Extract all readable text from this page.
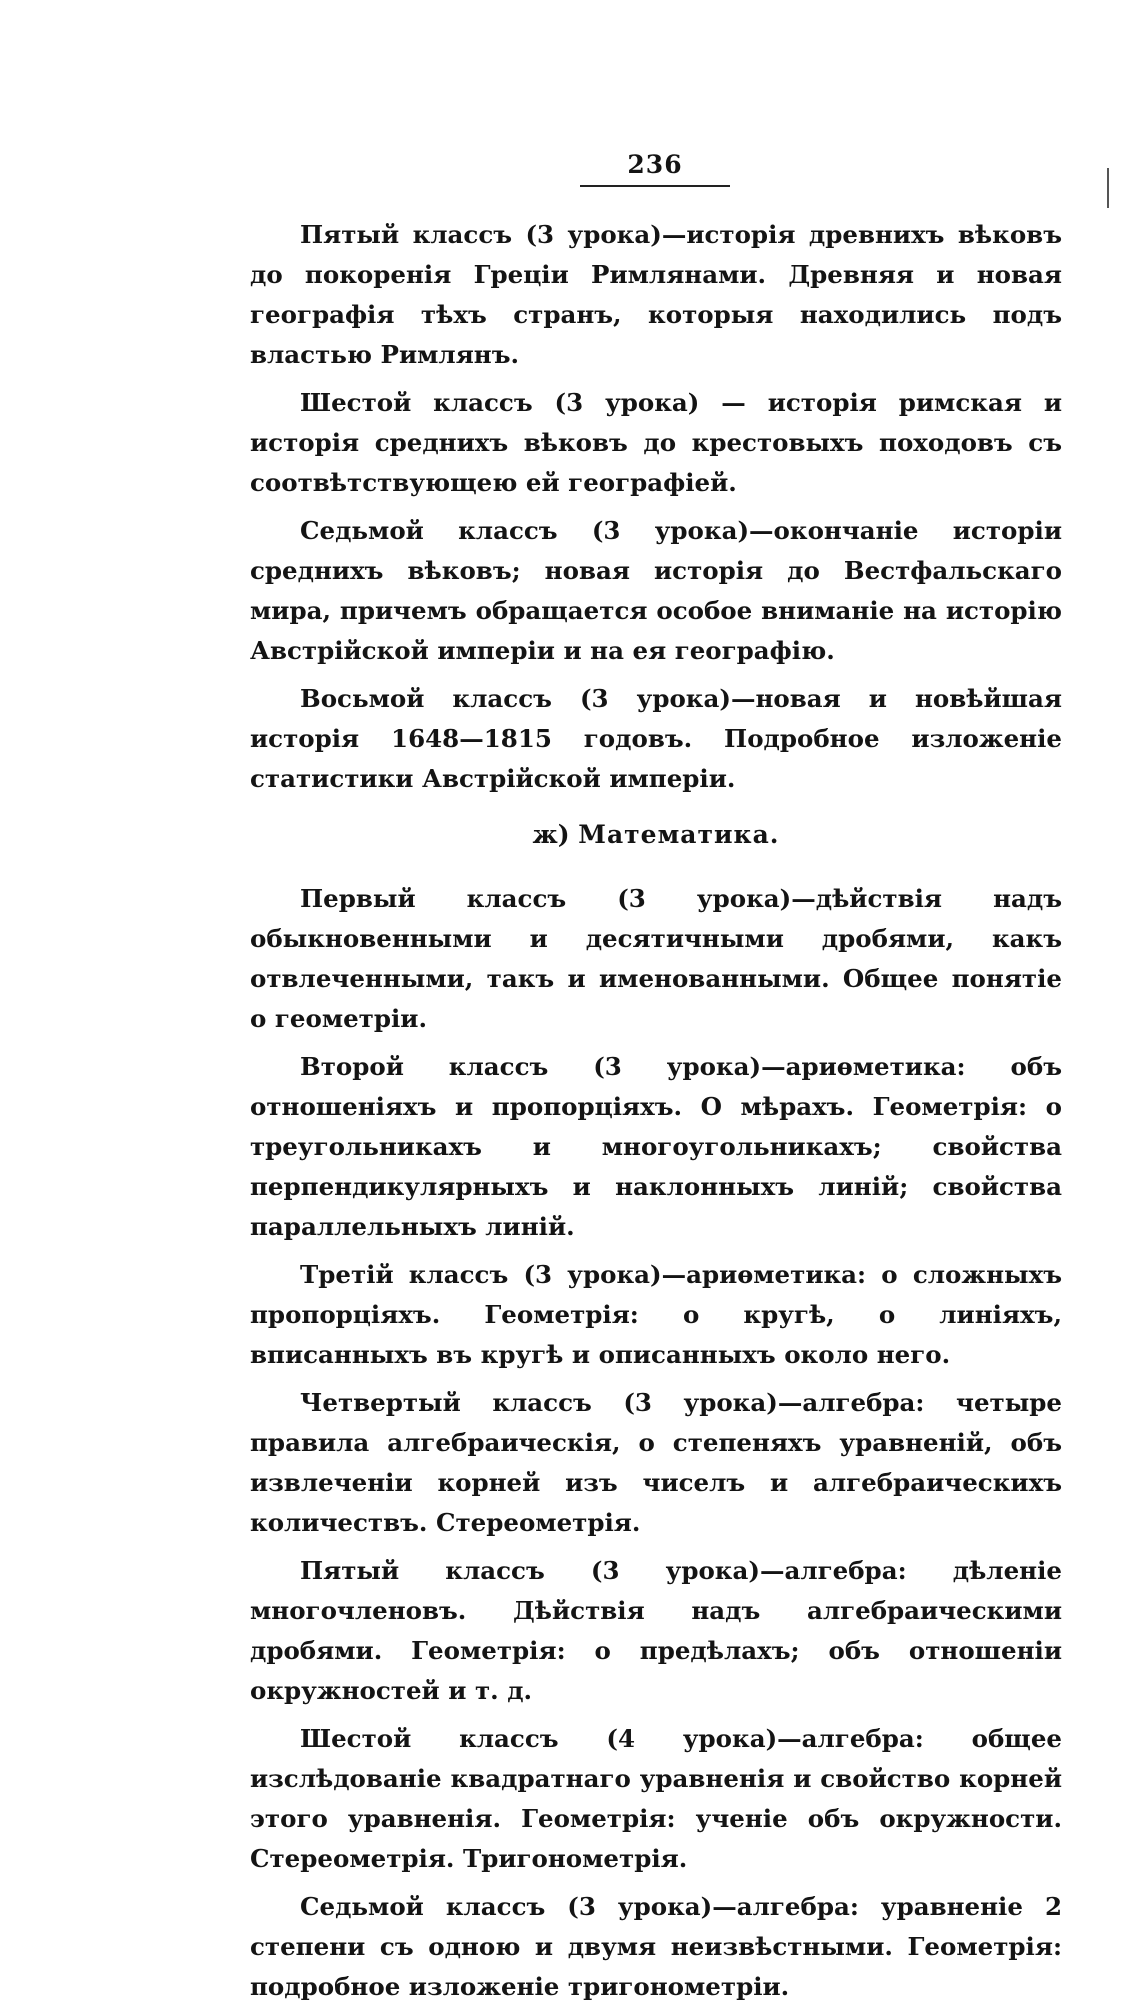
236

Пятый классъ (3 урока)—исторія древнихъ вѣковъ до покоренія Греціи Римлянами. Древняя и новая географія тѣхъ странъ, которыя находились подъ властью Римлянъ.

Шестой классъ (3 урока) — исторія римская и исторія среднихъ вѣковъ до крестовыхъ походовъ съ соотвѣтствующею ей географіей.

Седьмой классъ (3 урока)—окончаніе исторіи среднихъ вѣковъ; новая исторія до Вестфальскаго мира, причемъ обращается особое вниманіе на исторію Австрійской имперіи и на ея географію.

Восьмой классъ (3 урока)—новая и новѣйшая исторія 1648—1815 годовъ. Подробное изложеніе статистики Австрійской имперіи.

ж) Математика.

Первый классъ (3 урока)—дѣйствія надъ обыкновенными и десятичными дробями, какъ отвлеченными, такъ и именованными. Общее понятіе о геометріи.

Второй классъ (3 урока)—ариѳметика: объ отношеніяхъ и пропорціяхъ. О мѣрахъ. Геометрія: о треугольникахъ и многоугольникахъ; свойства перпендикулярныхъ и наклонныхъ линій; свойства параллельныхъ линій.

Третій классъ (3 урока)—ариѳметика: о сложныхъ пропорціяхъ. Геометрія: о кругѣ, о линіяхъ, вписанныхъ въ кругѣ и описанныхъ около него.

Четвертый классъ (3 урока)—алгебра: четыре правила алгебраическія, о степеняхъ уравненій, объ извлеченіи корней изъ чиселъ и алгебраическихъ количествъ. Стереометрія.

Пятый классъ (3 урока)—алгебра: дѣленіе многочленовъ. Дѣйствія надъ алгебраическими дробями. Геометрія: о предѣлахъ; объ отношеніи окружностей и т. д.

Шестой классъ (4 урока)—алгебра: общее изслѣдованіе квадратнаго уравненія и свойство корней этого уравненія. Геометрія: ученіе объ окружности. Стереометрія. Тригонометрія.

Седьмой классъ (3 урока)—алгебра: уравненіе 2 степени съ одною и двумя неизвѣстными. Геометрія: подробное изложеніе тригонометріи.
